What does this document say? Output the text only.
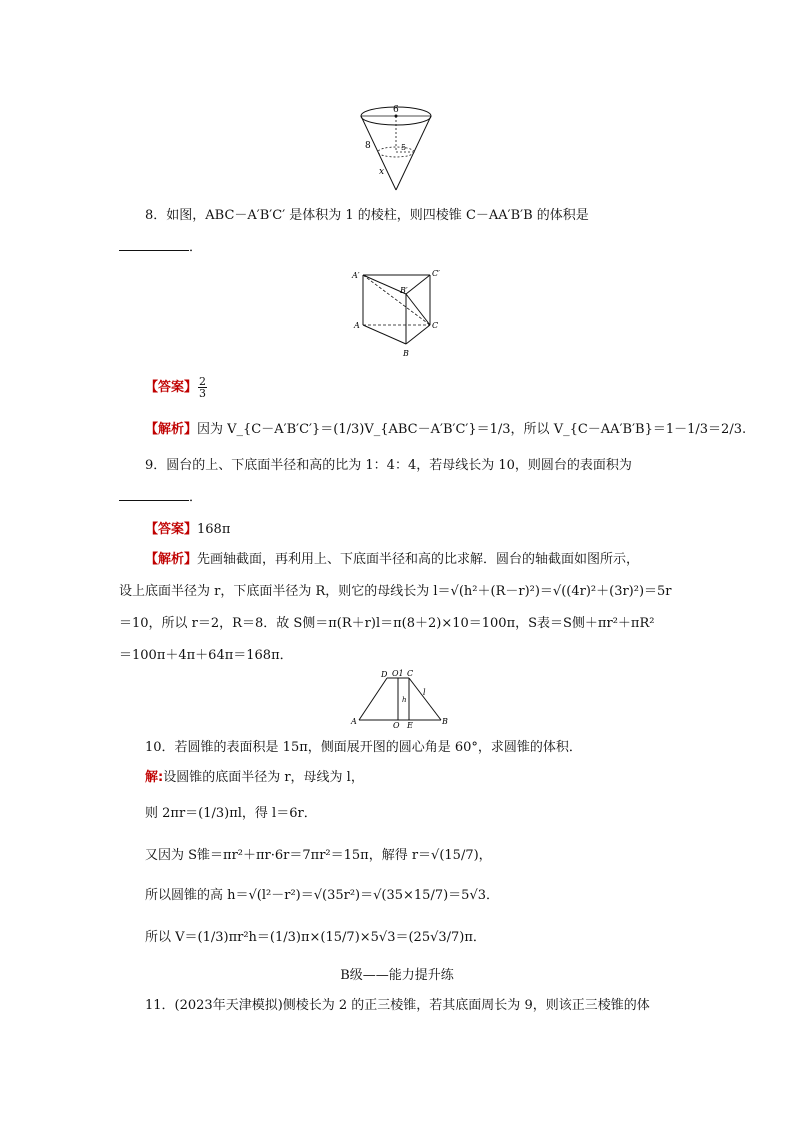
6
8	5
x
8．如图，ABC－A′B′C′ 是体积为 1 的棱柱，则四棱锥 C－AA′B′B 的体积是
．
A′	C′
B′
A	C
B
【答案】 $\frac{2}{3}$
【解析】因为 V_{C－A′B′C′}＝(1/3)V_{ABC－A′B′C′}＝1/3，所以 V_{C－AA′B′B}＝1－1/3＝2/3.
9．圆台的上、下底面半径和高的比为 1：4：4，若母线长为 10，则圆台的表面积为
．
【答案】168π
【解析】先画轴截面，再利用上、下底面半径和高的比求解．圆台的轴截面如图所示，
设上底面半径为 r，下底面半径为 R，则它的母线长为 l＝√(h²＋(R－r)²)＝√((4r)²＋(3r)²)＝5r
＝10，所以 r＝2，R＝8．故 S侧＝π(R＋r)l＝π(8＋2)×10＝100π，S表＝S侧＋πr²＋πR²
＝100π＋4π＋64π＝168π．
D O1 C
l
h
A	O E	B
10．若圆锥的表面积是 15π，侧面展开图的圆心角是 60°，求圆锥的体积．
解:设圆锥的底面半径为 r，母线为 l，
则 2πr＝(1/3)πl，得 l＝6r．
又因为 S锥＝πr²＋πr·6r＝7πr²＝15π，解得 r＝√(15/7)，
所以圆锥的高 h＝√(l²－r²)＝√(35r²)＝√(35×15/7)＝5√3．
所以 V＝(1/3)πr²h＝(1/3)π×(15/7)×5√3＝(25√3/7)π．
B级——能力提升练
11．(2023年天津模拟)侧棱长为 2 的正三棱锥，若其底面周长为 9，则该正三棱锥的体
